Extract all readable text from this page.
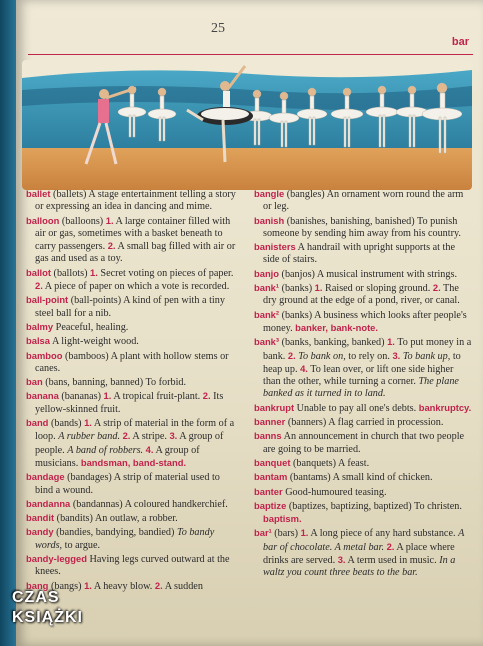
25
bar
ballet (ballets) A stage entertainment telling a story or expressing an idea in dancing and mime.
balloon (balloons) 1. A large container filled with air or gas, sometimes with a basket beneath to carry passengers. 2. A small bag filled with air or gas and used as a toy.
ballot (ballots) 1. Secret voting on pieces of paper. 2. A piece of paper on which a vote is recorded.
ball-point (ball-points) A kind of pen with a tiny steel ball for a nib.
balmy Peaceful, healing.
balsa A light-weight wood.
bamboo (bamboos) A plant with hollow stems or canes.
ban (bans, banning, banned) To forbid.
banana (bananas) 1. A tropical fruit-plant. 2. Its yellow-skinned fruit.
band (bands) 1. A strip of material in the form of a loop. A rubber band. 2. A stripe. 3. A group of people. A band of robbers. 4. A group of musicians. bandsman, band-stand.
bandage (bandages) A strip of material used to bind a wound.
bandanna (bandannas) A coloured handkerchief.
bandit (bandits) An outlaw, a robber.
bandy (bandies, bandying, bandied) To bandy words, to argue.
bandy-legged Having legs curved outward at the knees.
bang (bangs) 1. A heavy blow. 2. A sudden
bangle (bangles) An ornament worn round the arm or leg.
banish (banishes, banishing, banished) To punish someone by sending him away from his country.
banisters A handrail with upright supports at the side of stairs.
banjo (banjos) A musical instrument with strings.
bank¹ (banks) 1. Raised or sloping ground. 2. The dry ground at the edge of a pond, river, or canal.
bank² (banks) A business which looks after people's money. banker, bank-note.
bank³ (banks, banking, banked) 1. To put money in a bank. 2. To bank on, to rely on. 3. To bank up, to heap up. 4. To lean over, or lift one side higher than the other, while turning a corner. The plane banked as it turned in to land.
bankrupt Unable to pay all one's debts. bankruptcy.
banner (banners) A flag carried in procession.
banns An announcement in church that two people are going to be married.
banquet (banquets) A feast.
bantam (bantams) A small kind of chicken.
banter Good-humoured teasing.
baptize (baptizes, baptizing, baptized) To christen. baptism.
bar¹ (bars) 1. A long piece of any hard substance. A bar of chocolate. A metal bar. 2. A place where drinks are served. 3. A term used in music. In a waltz you count three beats to the bar.
CZAS
KSIĄŻKI
